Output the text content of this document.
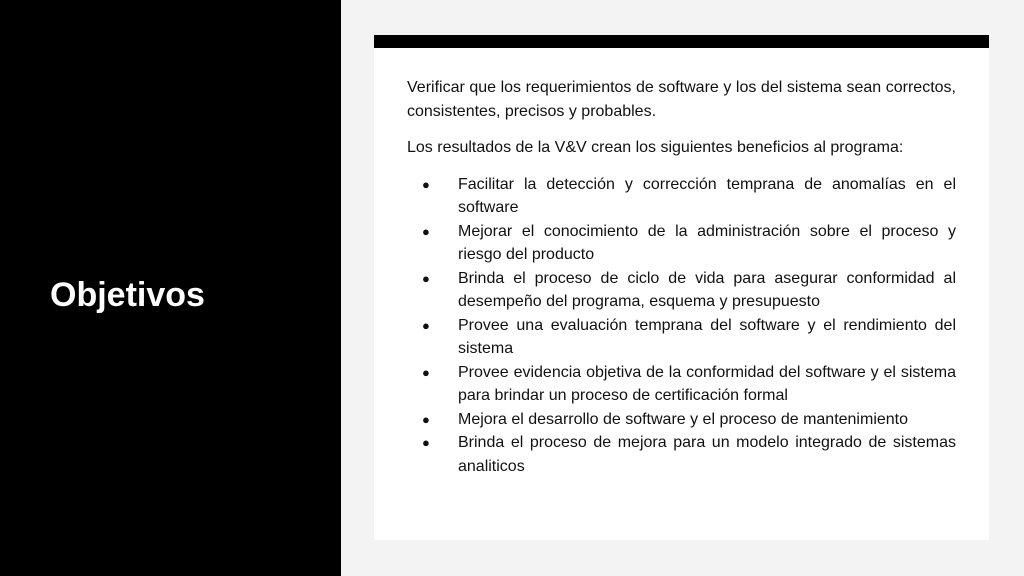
Objetivos

Verificar que los requerimientos de software y los del sistema sean correctos, consistentes, precisos y probables.

Los resultados de la V&V crean los siguientes beneficios al programa:

● Facilitar la detección y corrección temprana de anomalías en el software
● Mejorar el conocimiento de la administración sobre el proceso y riesgo del producto
● Brinda el proceso de ciclo de vida para asegurar conformidad al desempeño del programa, esquema y presupuesto
● Provee una evaluación temprana del software y el rendimiento del sistema
● Provee evidencia objetiva de la conformidad del software y el sistema para brindar un proceso de certificación formal
● Mejora el desarrollo de software y el proceso de mantenimiento
● Brinda el proceso de mejora para un modelo integrado de sistemas analiticos
